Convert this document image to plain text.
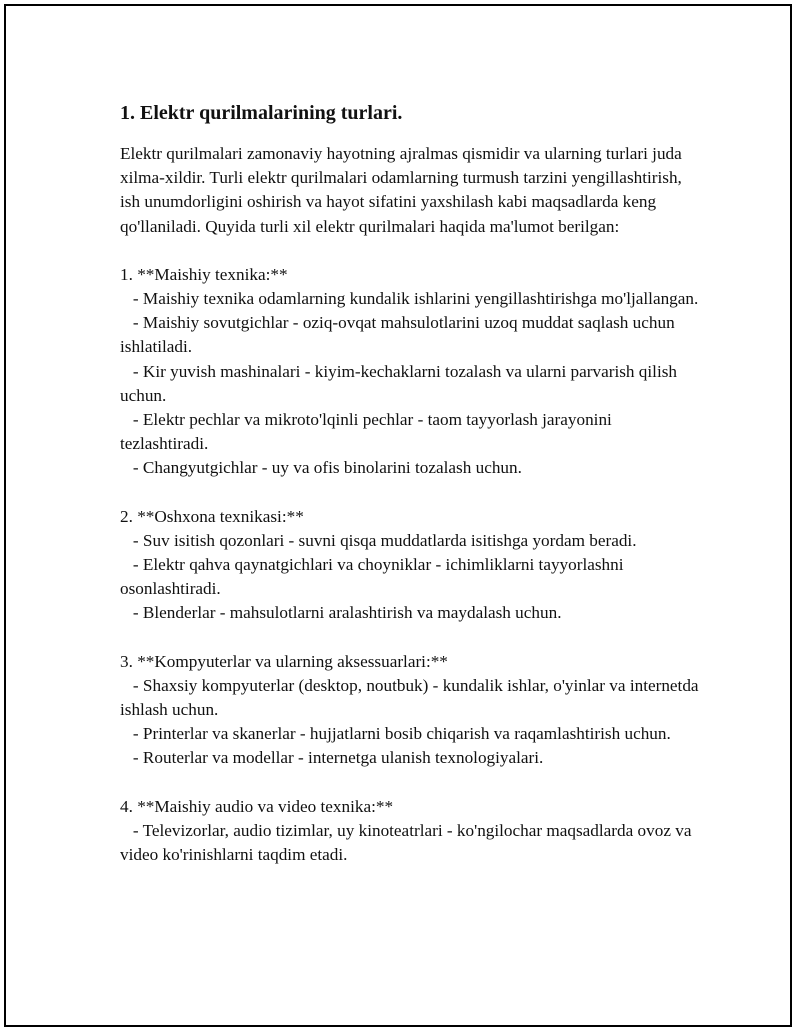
1. Elektr qurilmalarining turlari.

Elektr qurilmalari zamonaviy hayotning ajralmas qismidir va ularning turlari juda xilma-xildir. Turli elektr qurilmalari odamlarning turmush tarzini yengillashtirish, ish unumdorligini oshirish va hayot sifatini yaxshilash kabi maqsadlarda keng qo'llaniladi. Quyida turli xil elektr qurilmalari haqida ma'lumot berilgan:

1. **Maishiy texnika:**

- Maishiy texnika odamlarning kundalik ishlarini yengillashtirishga mo'ljallangan.

- Maishiy sovutgichlar - oziq-ovqat mahsulotlarini uzoq muddat saqlash uchun ishlatiladi.

- Kir yuvish mashinalari - kiyim-kechaklarni tozalash va ularni parvarish qilish uchun.

- Elektr pechlar va mikroto'lqinli pechlar - taom tayyorlash jarayonini tezlashtiradi.

- Changyutgichlar - uy va ofis binolarini tozalash uchun.

2. **Oshxona texnikasi:**

- Suv isitish qozonlari - suvni qisqa muddatlarda isitishga yordam beradi.

- Elektr qahva qaynatgichlari va choyniklar - ichimliklarni tayyorlashni osonlashtiradi.

- Blenderlar - mahsulotlarni aralashtirish va maydalash uchun.

3. **Kompyuterlar va ularning aksessuarlari:**

- Shaxsiy kompyuterlar (desktop, noutbuk) - kundalik ishlar, o'yinlar va internetda ishlash uchun.

- Printerlar va skanerlar - hujjatlarni bosib chiqarish va raqamlashtirish uchun.

- Routerlar va modellar - internetga ulanish texnologiyalari.

4. **Maishiy audio va video texnika:**

- Televizorlar, audio tizimlar, uy kinoteatrlari - ko'ngilochar maqsadlarda ovoz va video ko'rinishlarni taqdim etadi.
